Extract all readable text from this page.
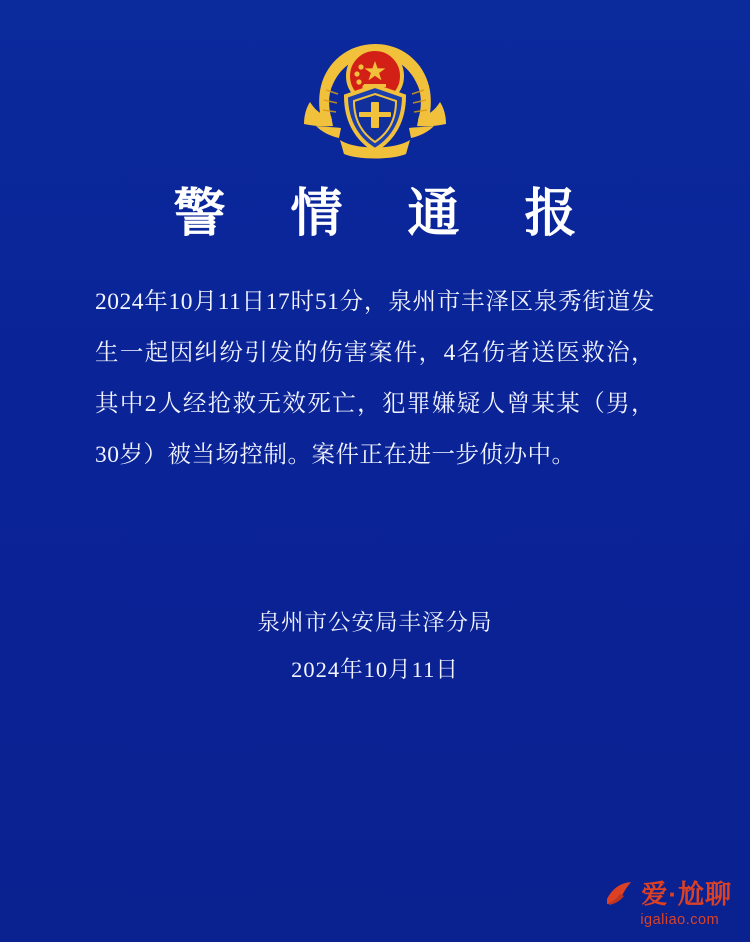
警 情 通 报

2024年10月11日17时51分，泉州市丰泽区泉秀街道发生一起因纠纷引发的伤害案件，4名伤者送医救治，其中2人经抢救无效死亡，犯罪嫌疑人曾某某（男，30岁）被当场控制。案件正在进一步侦办中。

泉州市公安局丰泽分局
2024年10月11日
爱·尬聊
igaliao.com
